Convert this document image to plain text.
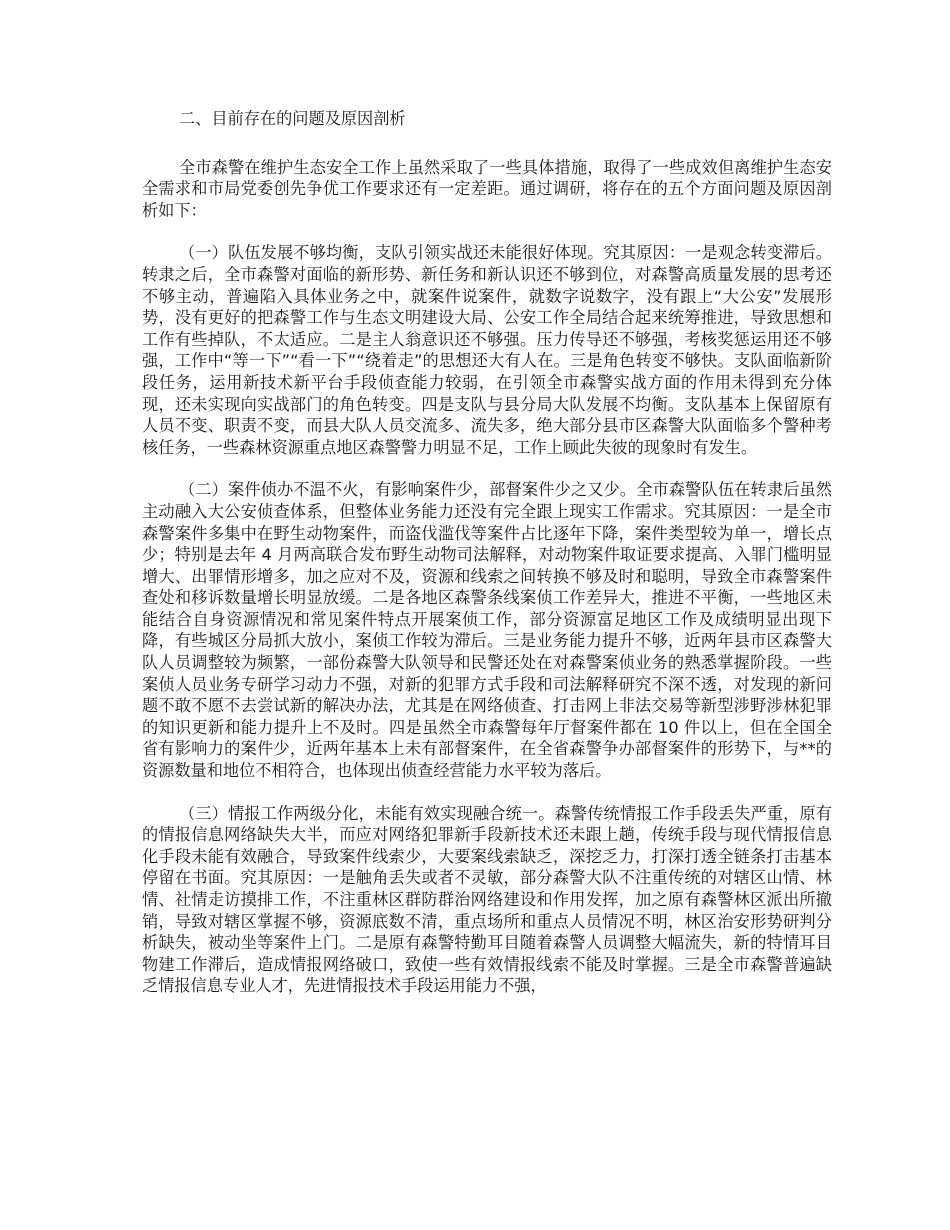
二、目前存在的问题及原因剖析

全市森警在维护生态安全工作上虽然采取了一些具体措施，取得了一些成效但离维护生态安全需求和市局党委创先争优工作要求还有一定差距。通过调研，将存在的五个方面问题及原因剖析如下：

（一）队伍发展不够均衡，支队引领实战还未能很好体现。究其原因：一是观念转变滞后。转隶之后，全市森警对面临的新形势、新任务和新认识还不够到位，对森警高质量发展的思考还不够主动，普遍陷入具体业务之中，就案件说案件，就数字说数字，没有跟上“大公安”发展形势，没有更好的把森警工作与生态文明建设大局、公安工作全局结合起来统筹推进，导致思想和工作有些掉队，不太适应。二是主人翁意识还不够强。压力传导还不够强，考核奖惩运用还不够强，工作中“等一下”“看一下”“绕着走”的思想还大有人在。三是角色转变不够快。支队面临新阶段任务，运用新技术新平台手段侦查能力较弱，在引领全市森警实战方面的作用未得到充分体现，还未实现向实战部门的角色转变。四是支队与县分局大队发展不均衡。支队基本上保留原有人员不变、职责不变，而县大队人员交流多、流失多，绝大部分县市区森警大队面临多个警种考核任务，一些森林资源重点地区森警警力明显不足，工作上顾此失彼的现象时有发生。

（二）案件侦办不温不火，有影响案件少，部督案件少之又少。全市森警队伍在转隶后虽然主动融入大公安侦查体系，但整体业务能力还没有完全跟上现实工作需求。究其原因：一是全市森警案件多集中在野生动物案件，而盗伐滥伐等案件占比逐年下降，案件类型较为单一，增长点少；特别是去年 4 月两高联合发布野生动物司法解释，对动物案件取证要求提高、入罪门槛明显增大、出罪情形增多，加之应对不及，资源和线索之间转换不够及时和聪明，导致全市森警案件查处和移诉数量增长明显放缓。二是各地区森警条线案侦工作差异大，推进不平衡，一些地区未能结合自身资源情况和常见案件特点开展案侦工作，部分资源富足地区工作及成绩明显出现下降，有些城区分局抓大放小，案侦工作较为滞后。三是业务能力提升不够，近两年县市区森警大队人员调整较为频繁，一部份森警大队领导和民警还处在对森警案侦业务的熟悉掌握阶段。一些案侦人员业务专研学习动力不强，对新的犯罪方式手段和司法解释研究不深不透，对发现的新问题不敢不愿不去尝试新的解决办法，尤其是在网络侦查、打击网上非法交易等新型涉野涉林犯罪的知识更新和能力提升上不及时。四是虽然全市森警每年厅督案件都在 10 件以上，但在全国全省有影响力的案件少，近两年基本上未有部督案件，在全省森警争办部督案件的形势下，与**的资源数量和地位不相符合，也体现出侦查经营能力水平较为落后。

（三）情报工作两级分化，未能有效实现融合统一。森警传统情报工作手段丢失严重，原有的情报信息网络缺失大半，而应对网络犯罪新手段新技术还未跟上趟，传统手段与现代情报信息化手段未能有效融合，导致案件线索少，大要案线索缺乏，深挖乏力，打深打透全链条打击基本停留在书面。究其原因：一是触角丢失或者不灵敏，部分森警大队不注重传统的对辖区山情、林情、社情走访摸排工作，不注重林区群防群治网络建设和作用发挥，加之原有森警林区派出所撤销，导致对辖区掌握不够，资源底数不清，重点场所和重点人员情况不明，林区治安形势研判分析缺失，被动坐等案件上门。二是原有森警特勤耳目随着森警人员调整大幅流失，新的特情耳目物建工作滞后，造成情报网络破口，致使一些有效情报线索不能及时掌握。三是全市森警普遍缺乏情报信息专业人才，先进情报技术手段运用能力不强，
